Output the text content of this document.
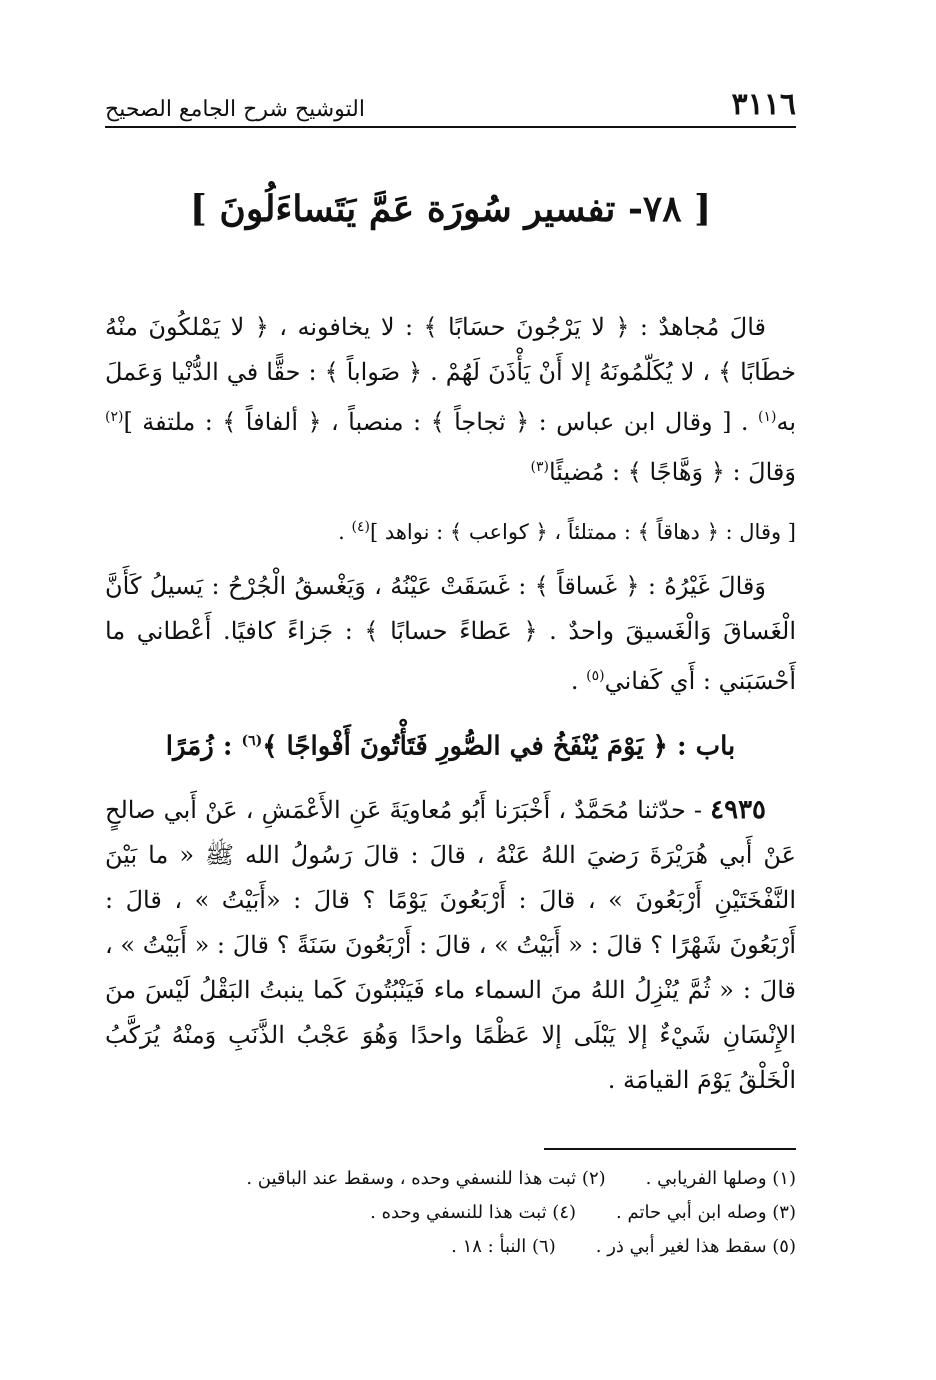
٣١١٦
التوشيح شرح الجامع الصحيح
[ ٧٨- تفسير سُورَة عَمَّ يَتَساءَلُونَ ]

قالَ مُجاهدٌ : ﴿ لا يَرْجُونَ حسَابًا ﴾ : لا يخافونه ، ﴿ لا يَمْلكُونَ منْهُ خطَابًا ﴾ ، لا يُكَلّمُونَهُ إلا أَنْ يَأْذَنَ لَهُمْ . ﴿ صَواباً ﴾ : حقًّا في الدُّنْيا وَعَملَ به$^{(١)}$ . [ وقال ابن عباس : ﴿ ثجاجاً ﴾ : منصباً ، ﴿ ألفافاً ﴾ : ملتفة ]$^{(٢)}$ وَقالَ : ﴿ وَهَّاجًا ﴾ : مُضيئًا$^{(٣)}$

[ وقال : ﴿ دهاقاً ﴾ : ممتلئاً ، ﴿ كواعب ﴾ : نواهد ]$^{(٤)}$ .

وَقالَ غَيْرُهُ : ﴿ غَساقاً ﴾ : غَسَقَتْ عَيْنُهُ ، وَيَغْسقُ الْجُرْحُ : يَسيلُ كَأَنَّ الْغَساقَ وَالْغَسيقَ واحدٌ . ﴿ عَطاءً حسابًا ﴾ : جَزاءً كافيًا. أَعْطاني ما أَحْسَبَني : أَي كَفاني$^{(٥)}$ .

باب : ﴿ يَوْمَ يُنْفَخُ في الصُّورِ فَتَأْتُونَ أَفْواجًا ﴾$^{(٦)}$ : زُمَرًا

٤٩٣٥ - حدّثنا مُحَمَّدٌ ، أَخْبَرَنا أَبُو مُعاويَةَ عَنِ الأَعْمَشِ ، عَنْ أَبي صالحٍ عَنْ أَبي هُرَيْرَةَ رَضيَ اللهُ عَنْهُ ، قالَ : قالَ رَسُولُ الله ﷺ « ما بَيْنَ النَّفْخَتَيْنِ أَرْبَعُونَ » ، قالَ : أَرْبَعُونَ يَوْمًا ؟ قالَ : «أَبَيْتُ » ، قالَ : أَرْبَعُونَ شَهْرًا ؟ قالَ : « أَبَيْتُ » ، قالَ : أَرْبَعُونَ سَنَةً ؟ قالَ : « أَبَيْتُ » ، قالَ : « ثُمَّ يُنْزِلُ اللهُ منَ السماء ماء فَيَنْبُتُونَ كَما ينبتُ البَقْلُ لَيْسَ منَ الإِنْسَانِ شَيْءٌ إلا يَبْلَى إلا عَظْمًا واحدًا وَهُوَ عَجْبُ الذَّنَبِ وَمنْهُ يُرَكَّبُ الْخَلْقُ يَوْمَ القيامَة .

(١) وصلها الفريابي .
(٢) ثبت هذا للنسفي وحده ، وسقط عند الباقين .
(٣) وصله ابن أبي حاتم .
(٤) ثبت هذا للنسفي وحده .
(٥) سقط هذا لغير أبي ذر .
(٦) النبأ : ١٨ .
